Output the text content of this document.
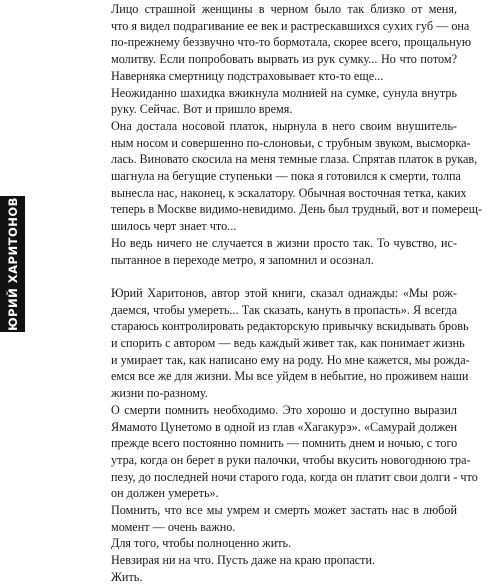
ЮРИЙ ХАРИТОНОВ

Лицо страшной женщины в черном было так близко от меня,
что я видел подрагивание ее век и растрескавшихся сухих губ — она
по-прежнему беззвучно что-то бормотала, скорее всего, прощальную
молитву. Если попробовать вырвать из рук сумку... Но что потом?
Наверняка смертницу подстраховывает кто-то еще...

Неожиданно шахидка вжикнула молнией на сумке, сунула внутрь
руку. Сейчас. Вот и пришло время.

Она достала носовой платок, нырнула в него своим внушитель-
ным носом и совершенно по-слоновьи, с трубным звуком, высморка-
лась. Виновато скосила на меня темные глаза. Спрятав платок в рукав,
шагнула на бегущие ступеньки — пока я готовился к смерти, толпа
вынесла нас, наконец, к эскалатору. Обычная восточная тетка, каких
теперь в Москве видимо-невидимо. День был трудный, вот и померещ-
шилось черт знает что...

Но ведь ничего не случается в жизни просто так. То чувство, ис-
пытанное в переходе метро, я запомнил и осознал.

Юрий Харитонов, автор этой книги, сказал однажды: «Мы рож-
даемся, чтобы умереть... Так сказать, кануть в пропасть». Я всегда
стараюсь контролировать редакторскую привычку вскидывать бровь
и спорить с автором — ведь каждый живет так, как понимает жизнь
и умирает так, как написано ему на роду. Но мне кажется, мы рожда-
емся все же для жизни. Мы все уйдем в небытие, но проживем наши
жизни по-разному.

О смерти помнить необходимо. Это хорошо и доступно выразил
Ямамото Цунетомо в одной из глав «Хагакурэ». «Самурай должен
прежде всего постоянно помнить — помнить днем и ночью, с того
утра, когда он берет в руки палочки, чтобы вкусить новогоднюю тра-
пезу, до последней ночи старого года, когда он платит свои долги - что
он должен умереть».

Помнить, что все мы умрем и смерть может застать нас в любой
момент — очень важно.

Для того, чтобы полноценно жить.

Невзирая ни на что. Пусть даже на краю пропасти.

Жить.
